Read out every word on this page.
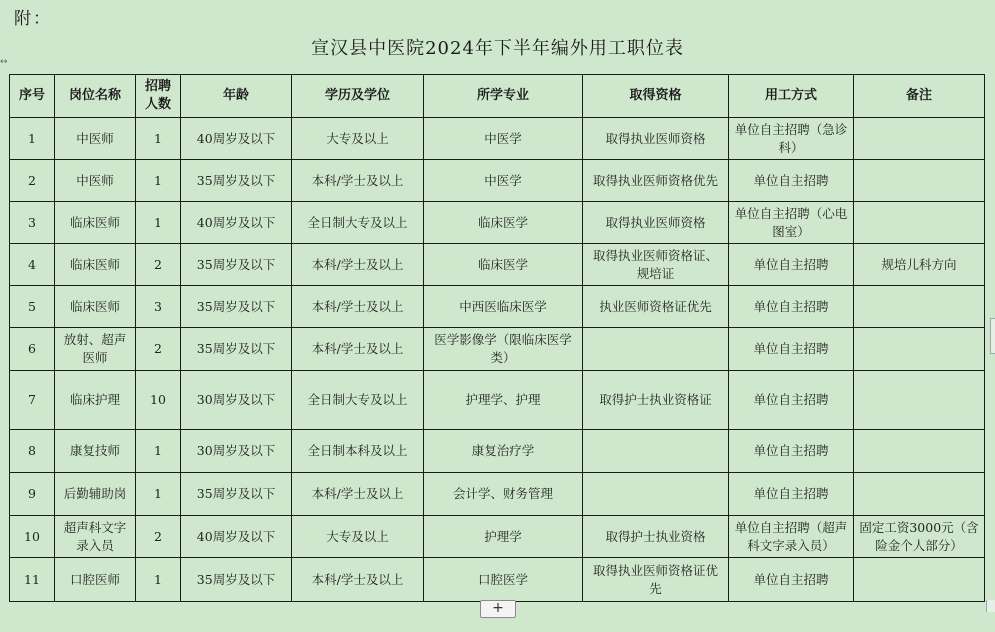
附：
宣汉县中医院2024年下半年编外用工职位表
↔
序号	岗位名称	招聘人数	年龄	学历及学位	所学专业	取得资格	用工方式	备注
1	中医师	1	40周岁及以下	大专及以上	中医学	取得执业医师资格	单位自主招聘（急诊科）	
2	中医师	1	35周岁及以下	本科/学士及以上	中医学	取得执业医师资格优先	单位自主招聘	
3	临床医师	1	40周岁及以下	全日制大专及以上	临床医学	取得执业医师资格	单位自主招聘（心电图室）	
4	临床医师	2	35周岁及以下	本科/学士及以上	临床医学	取得执业医师资格证、规培证	单位自主招聘	规培儿科方向
5	临床医师	3	35周岁及以下	本科/学士及以上	中西医临床医学	执业医师资格证优先	单位自主招聘	
6	放射、超声医师	2	35周岁及以下	本科/学士及以上	医学影像学（限临床医学类）		单位自主招聘	
7	临床护理	10	30周岁及以下	全日制大专及以上	护理学、护理	取得护士执业资格证	单位自主招聘	
8	康复技师	1	30周岁及以下	全日制本科及以上	康复治疗学		单位自主招聘	
9	后勤辅助岗	1	35周岁及以下	本科/学士及以上	会计学、财务管理		单位自主招聘	
10	超声科文字录入员	2	40周岁及以下	大专及以上	护理学	取得护士执业资格	单位自主招聘（超声科文字录入员）	固定工资3000元（含险金个人部分）
11	口腔医师	1	35周岁及以下	本科/学士及以上	口腔医学	取得执业医师资格证优先	单位自主招聘	
+
